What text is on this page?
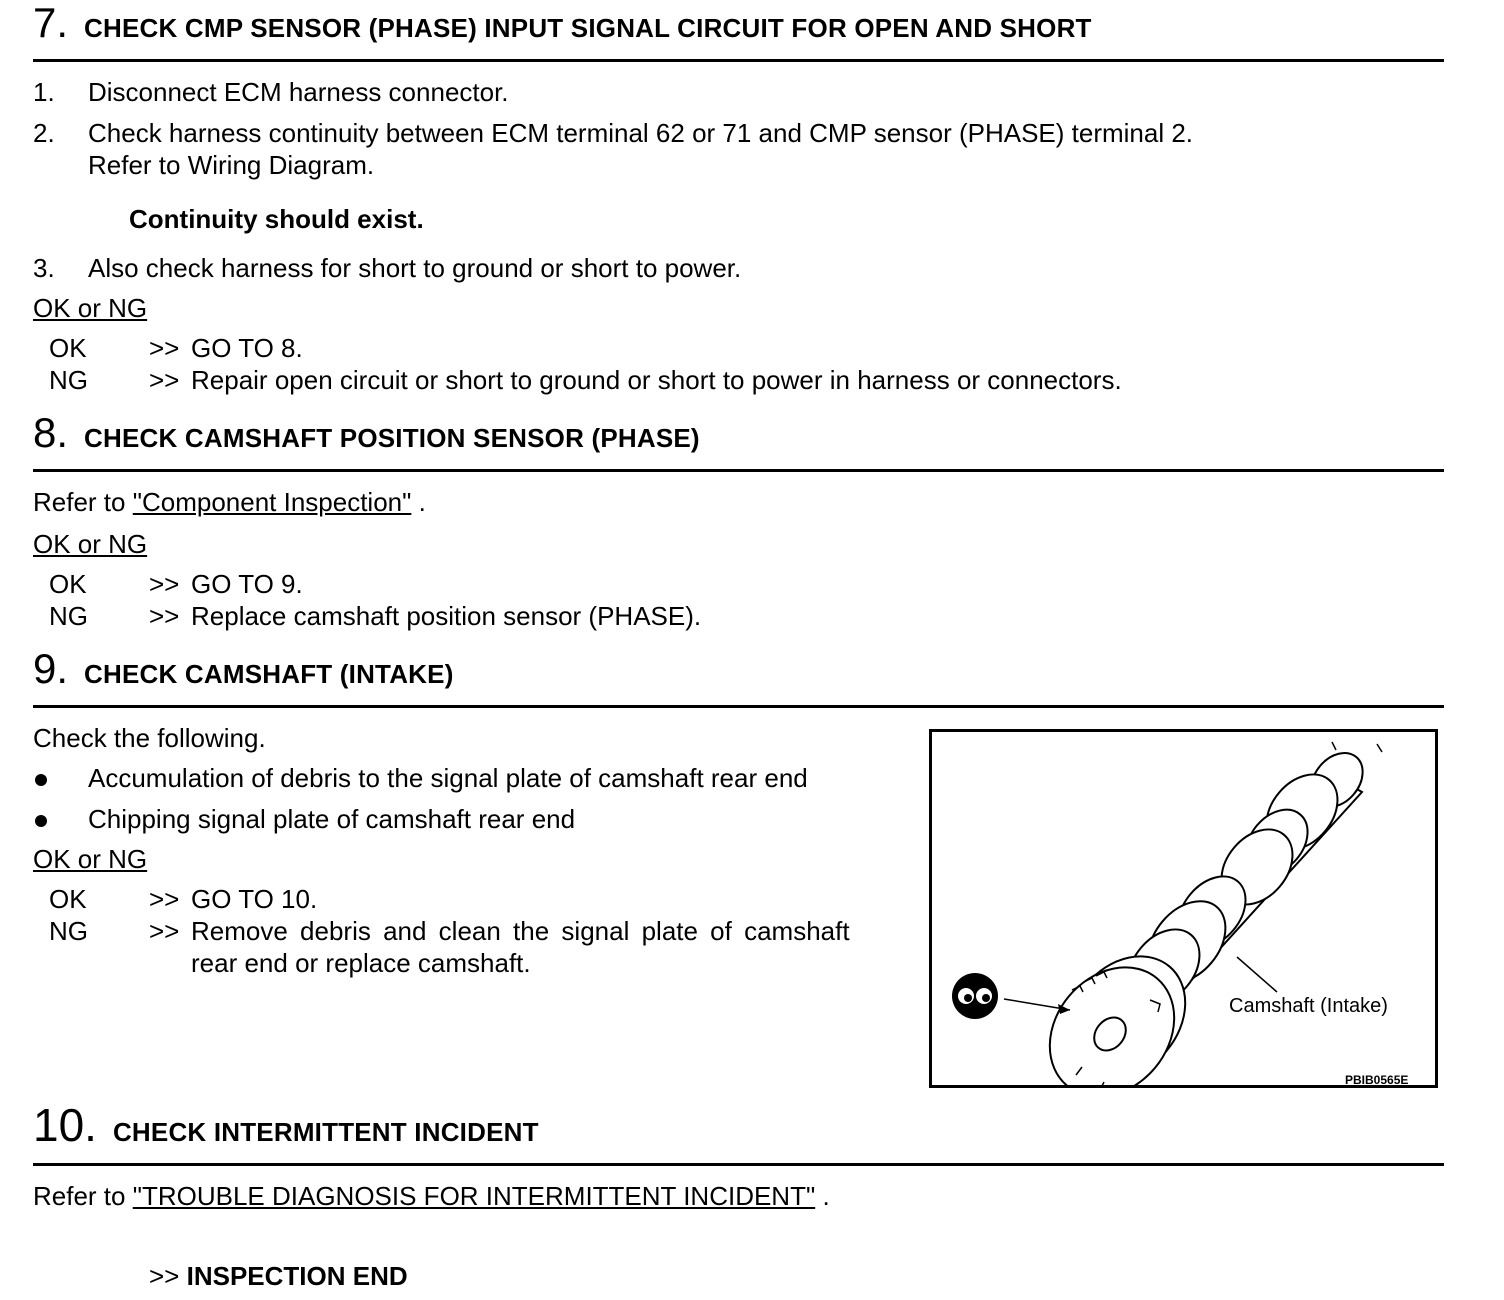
7. CHECK CMP SENSOR (PHASE) INPUT SIGNAL CIRCUIT FOR OPEN AND SHORT
1. Disconnect ECM harness connector.
2. Check harness continuity between ECM terminal 62 or 71 and CMP sensor (PHASE) terminal 2.
Refer to Wiring Diagram.
Continuity should exist.
3. Also check harness for short to ground or short to power.
OK or NG
OK >> GO TO 8.
NG >> Repair open circuit or short to ground or short to power in harness or connectors.
8. CHECK CAMSHAFT POSITION SENSOR (PHASE)
Refer to "Component Inspection" .
OK or NG
OK >> GO TO 9.
NG >> Replace camshaft position sensor (PHASE).
9. CHECK CAMSHAFT (INTAKE)
Check the following.
Accumulation of debris to the signal plate of camshaft rear end
Chipping signal plate of camshaft rear end
OK or NG
OK >> GO TO 10.
NG >> Remove debris and clean the signal plate of camshaft
rear end or replace camshaft.
Camshaft (Intake)
PBIB0565E
10. CHECK INTERMITTENT INCIDENT
Refer to "TROUBLE DIAGNOSIS FOR INTERMITTENT INCIDENT" .
>> INSPECTION END
